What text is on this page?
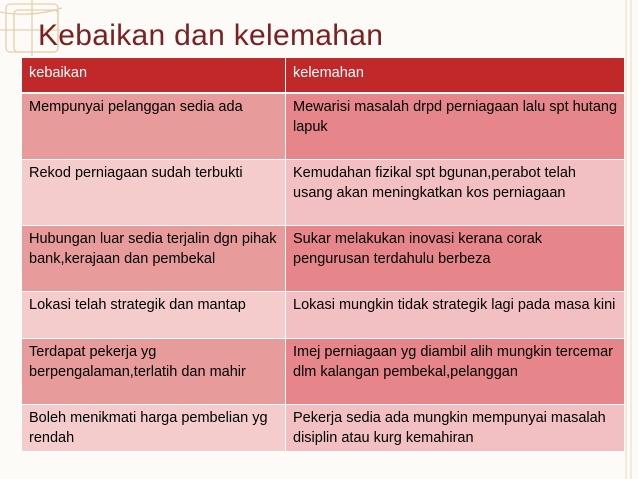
Kebaikan dan kelemahan
kebaikan	kelemahan
Mempunyai pelanggan sedia ada	Mewarisi masalah drpd perniagaan lalu spt hutang lapuk
Rekod perniagaan sudah terbukti	Kemudahan fizikal spt bgunan,perabot telah usang akan meningkatkan kos perniagaan
Hubungan luar sedia terjalin dgn pihak bank,kerajaan dan pembekal	Sukar melakukan inovasi kerana corak pengurusan terdahulu berbeza
Lokasi telah strategik dan mantap	Lokasi mungkin tidak strategik lagi pada masa kini
Terdapat pekerja yg berpengalaman,terlatih dan mahir	Imej perniagaan yg diambil alih mungkin tercemar dlm kalangan pembekal,pelanggan
Boleh menikmati harga pembelian yg rendah	Pekerja sedia ada mungkin mempunyai masalah disiplin atau kurg kemahiran
